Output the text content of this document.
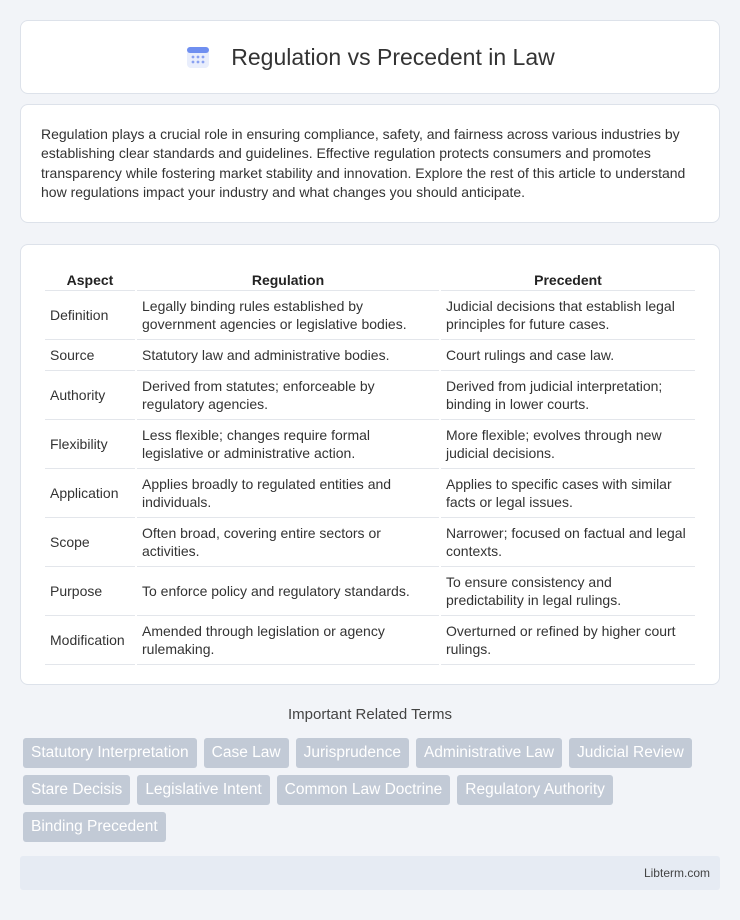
Regulation vs Precedent in Law

Regulation plays a crucial role in ensuring compliance, safety, and fairness across various industries by establishing clear standards and guidelines. Effective regulation protects consumers and promotes transparency while fostering market stability and innovation. Explore the rest of this article to understand how regulations impact your industry and what changes you should anticipate.

Aspect	Regulation	Precedent
Definition	Legally binding rules established by government agencies or legislative bodies.	Judicial decisions that establish legal principles for future cases.
Source	Statutory law and administrative bodies.	Court rulings and case law.
Authority	Derived from statutes; enforceable by regulatory agencies.	Derived from judicial interpretation; binding in lower courts.
Flexibility	Less flexible; changes require formal legislative or administrative action.	More flexible; evolves through new judicial decisions.
Application	Applies broadly to regulated entities and individuals.	Applies to specific cases with similar facts or legal issues.
Scope	Often broad, covering entire sectors or activities.	Narrower; focused on factual and legal contexts.
Purpose	To enforce policy and regulatory standards.	To ensure consistency and predictability in legal rulings.
Modification	Amended through legislation or agency rulemaking.	Overturned or refined by higher court rulings.
Important Related Terms
Statutory Interpretation	Case Law	Jurisprudence	Administrative Law	Judicial Review
Stare Decisis	Legislative Intent	Common Law Doctrine	Regulatory Authority
Binding Precedent
Libterm.com
